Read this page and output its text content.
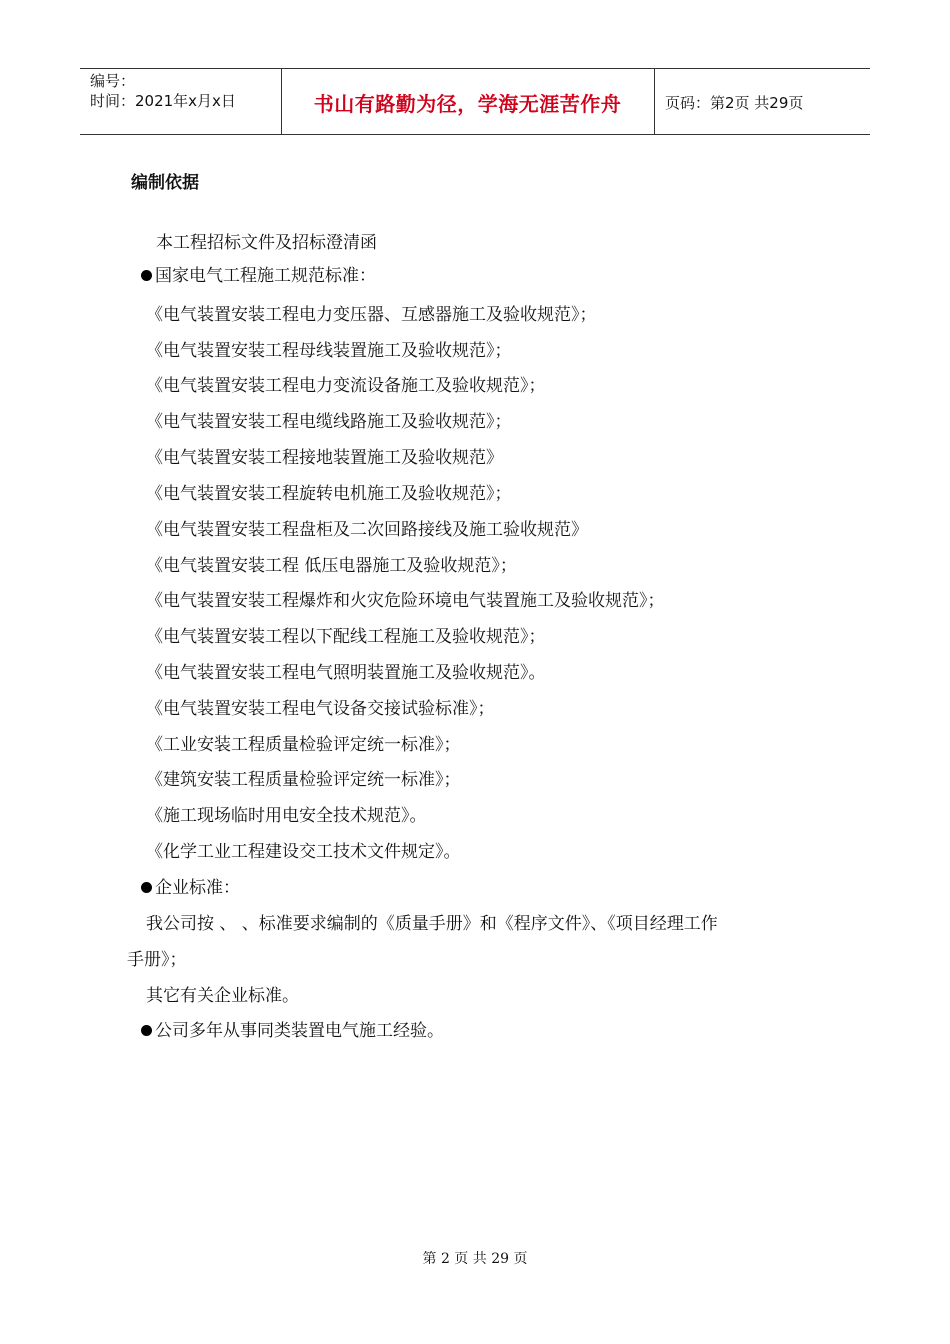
编号：
时间：2021年x月x日	书山有路勤为径，学海无涯苦作舟	页码：第2页 共29页
编制依据
本工程招标文件及招标澄清函
国家电气工程施工规范标准：
《电气装置安装工程电力变压器、互感器施工及验收规范》；
《电气装置安装工程母线装置施工及验收规范》；
《电气装置安装工程电力变流设备施工及验收规范》；
《电气装置安装工程电缆线路施工及验收规范》；
《电气装置安装工程接地装置施工及验收规范》
《电气装置安装工程旋转电机施工及验收规范》；
《电气装置安装工程盘柜及二次回路接线及施工验收规范》
《电气装置安装工程 低压电器施工及验收规范》；
《电气装置安装工程爆炸和火灾危险环境电气装置施工及验收规范》；
《电气装置安装工程以下配线工程施工及验收规范》；
《电气装置安装工程电气照明装置施工及验收规范》。
《电气装置安装工程电气设备交接试验标准》；
《工业安装工程质量检验评定统一标准》；
《建筑安装工程质量检验评定统一标准》；
《施工现场临时用电安全技术规范》。
《化学工业工程建设交工技术文件规定》。
企业标准：
我公司按 、 、标准要求编制的《质量手册》和《程序文件》、《项目经理工作
手册》；
其它有关企业标准。
公司多年从事同类装置电气施工经验。
第 2 页 共 29 页
